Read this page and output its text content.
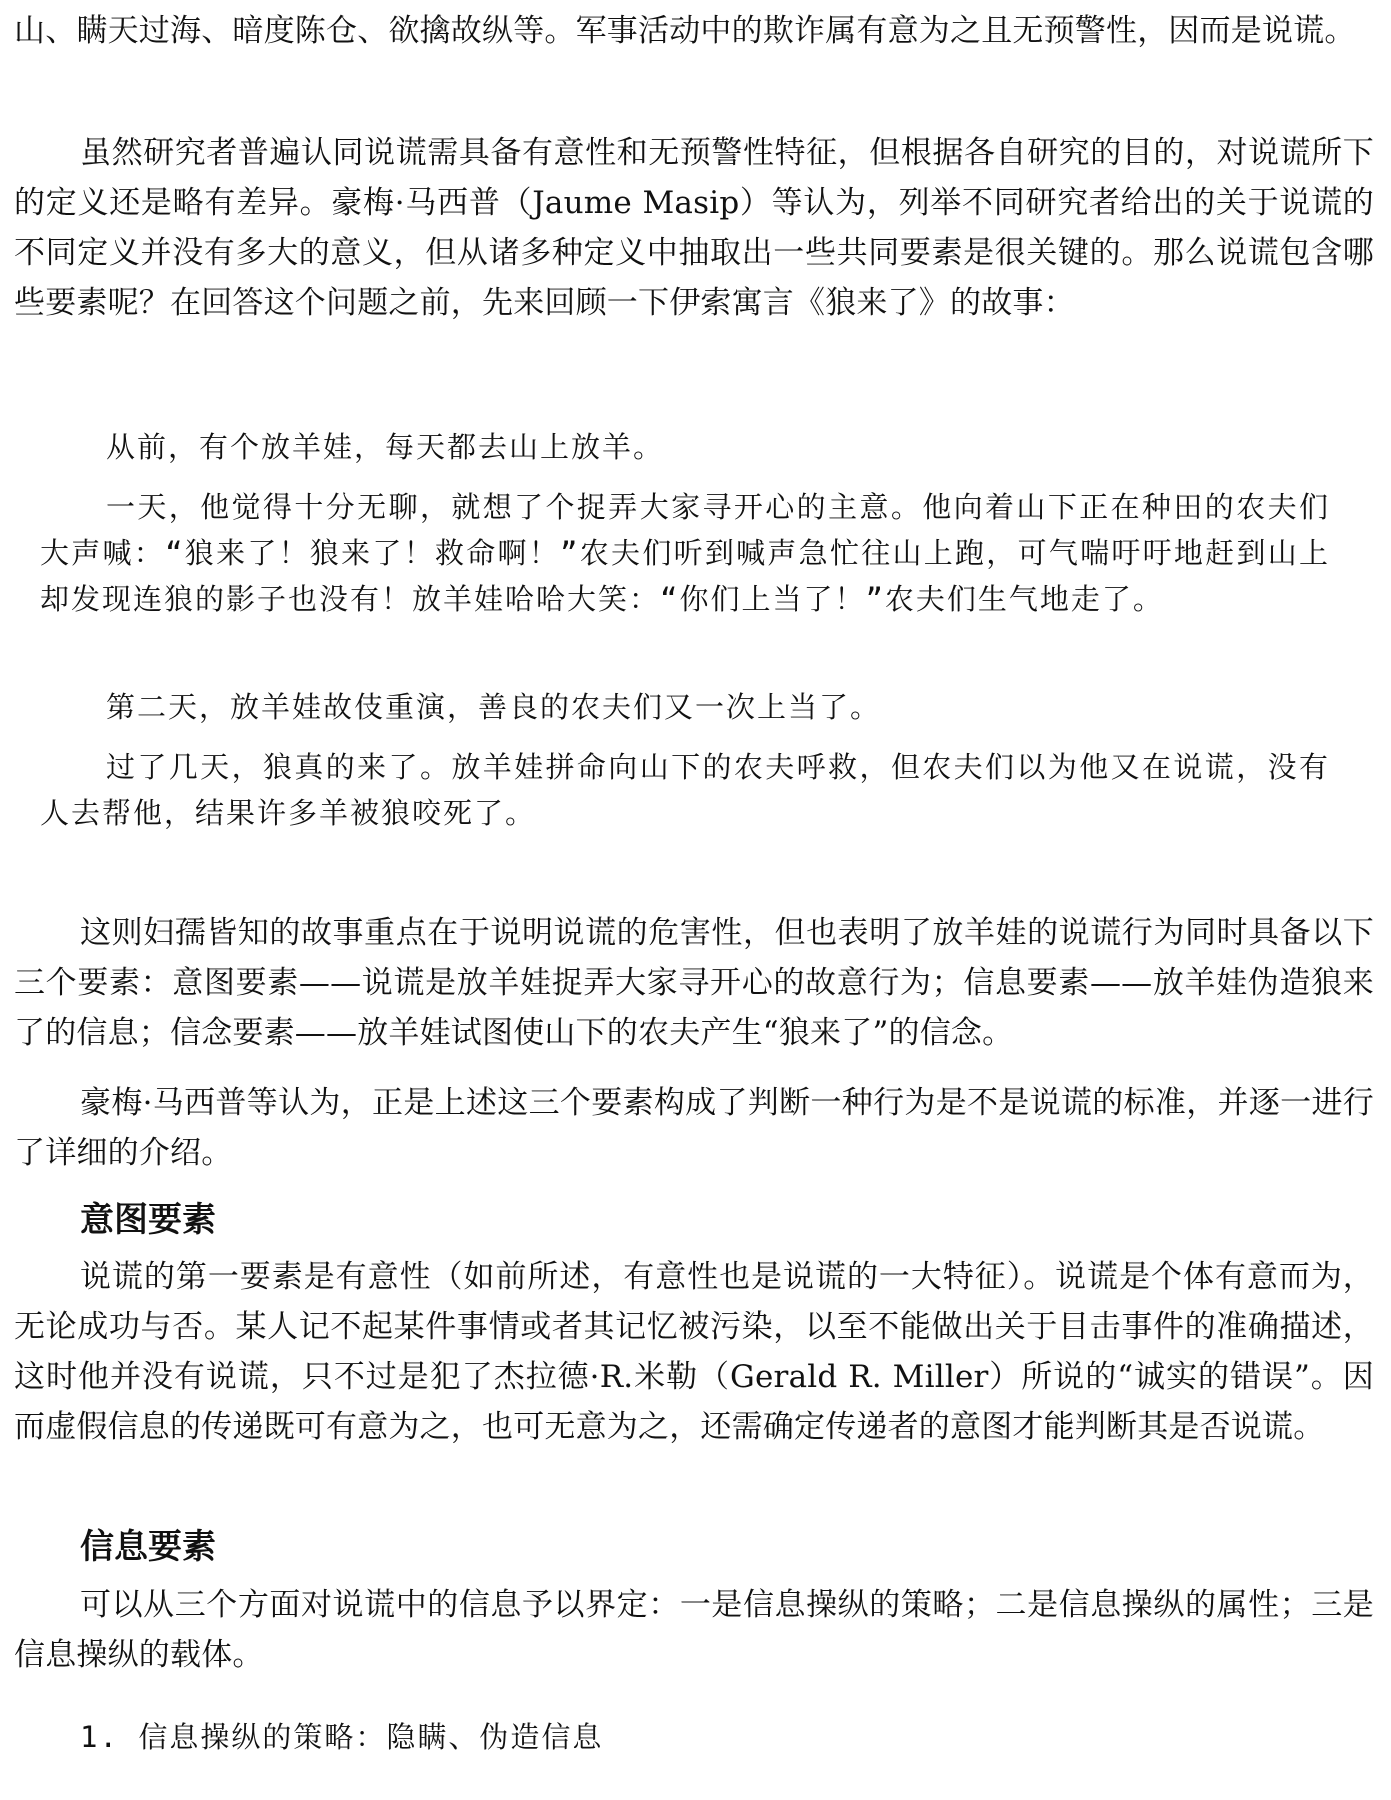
山、瞒天过海、暗度陈仓、欲擒故纵等。军事活动中的欺诈属有意为之且无预警性，因而是说谎。

虽然研究者普遍认同说谎需具备有意性和无预警性特征，但根据各自研究的目的，对说谎所下的定义还是略有差异。豪梅·马西普（Jaume Masip）等认为，列举不同研究者给出的关于说谎的不同定义并没有多大的意义，但从诸多种定义中抽取出一些共同要素是很关键的。那么说谎包含哪些要素呢？在回答这个问题之前，先来回顾一下伊索寓言《狼来了》的故事：

从前，有个放羊娃，每天都去山上放羊。

一天，他觉得十分无聊，就想了个捉弄大家寻开心的主意。他向着山下正在种田的农夫们大声喊：“狼来了！狼来了！救命啊！”农夫们听到喊声急忙往山上跑，可气喘吁吁地赶到山上却发现连狼的影子也没有！放羊娃哈哈大笑：“你们上当了！”农夫们生气地走了。

第二天，放羊娃故伎重演，善良的农夫们又一次上当了。

过了几天，狼真的来了。放羊娃拼命向山下的农夫呼救，但农夫们以为他又在说谎，没有人去帮他，结果许多羊被狼咬死了。

这则妇孺皆知的故事重点在于说明说谎的危害性，但也表明了放羊娃的说谎行为同时具备以下三个要素：意图要素——说谎是放羊娃捉弄大家寻开心的故意行为；信息要素——放羊娃伪造狼来了的信息；信念要素——放羊娃试图使山下的农夫产生“狼来了”的信念。

豪梅·马西普等认为，正是上述这三个要素构成了判断一种行为是不是说谎的标准，并逐一进行了详细的介绍。

意图要素

说谎的第一要素是有意性（如前所述，有意性也是说谎的一大特征）。说谎是个体有意而为，无论成功与否。某人记不起某件事情或者其记忆被污染，以至不能做出关于目击事件的准确描述，这时他并没有说谎，只不过是犯了杰拉德·R.米勒（Gerald R. Miller）所说的“诚实的错误”。因而虚假信息的传递既可有意为之，也可无意为之，还需确定传递者的意图才能判断其是否说谎。

信息要素

可以从三个方面对说谎中的信息予以界定：一是信息操纵的策略；二是信息操纵的属性；三是信息操纵的载体。

1. 信息操纵的策略：隐瞒、伪造信息
